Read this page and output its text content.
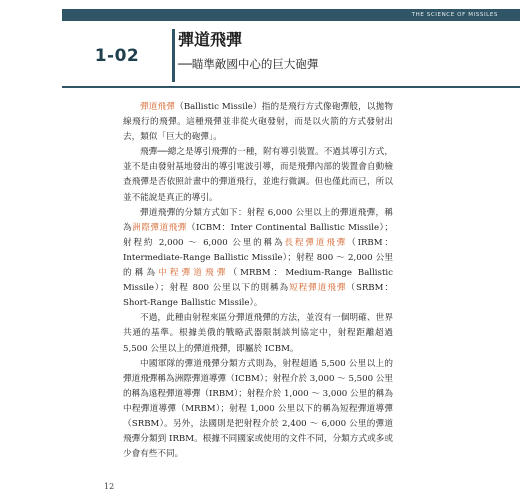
THE SCIENCE OF MISSILES
1-02
彈道飛彈
──瞄準敵國中心的巨大砲彈

彈道飛彈（Ballistic Missile）指的是飛行方式像砲彈般，以拋物線飛行的飛彈。這種飛彈並非從火砲發射，而是以火箭的方式發射出去，類似「巨大的砲彈」。

飛彈──總之是導引飛彈的一種，附有導引裝置。不過其導引方式，並不是由發射基地發出的導引電波引導，而是飛彈內部的裝置會自動檢查飛彈是否依照計畫中的彈道飛行，並進行微調。但也僅此而已，所以並不能說是真正的導引。

彈道飛彈的分類方式如下：射程 6,000 公里以上的彈道飛彈，稱為洲際彈道飛彈（ICBM：Inter Continental Ballistic Missile）；射程約 2,000 ～ 6,000 公里的稱為長程彈道飛彈（IRBM：Intermediate-Range Ballistic Missile）；射程 800 ～ 2,000 公里的稱為中程彈道飛彈（MRBM：Medium-Range Ballistic Missile）；射程 800 公里以下的則稱為短程彈道飛彈（SRBM：Short-Range Ballistic Missile）。

不過，此種由射程來區分彈道飛彈的方法，並沒有一個明確、世界共通的基準。根據美俄的戰略武器限制談判協定中，射程距離超過 5,500 公里以上的彈道飛彈，即屬於 ICBM。

中國軍隊的彈道飛彈分類方式則為，射程超過 5,500 公里以上的彈道飛彈稱為洲際彈道導彈（ICBM）；射程介於 3,000 ～ 5,500 公里的稱為遠程彈道導彈（IRBM）；射程介於 1,000 ～ 3,000 公里的稱為中程彈道導彈（MRBM）；射程 1,000 公里以下的稱為短程彈道導彈（SRBM）。另外，法國則是把射程介於 2,400 ～ 6,000 公里的彈道飛彈分類到 IRBM。根據不同國家或使用的文件不同，分類方式或多或少會有些不同。

12
